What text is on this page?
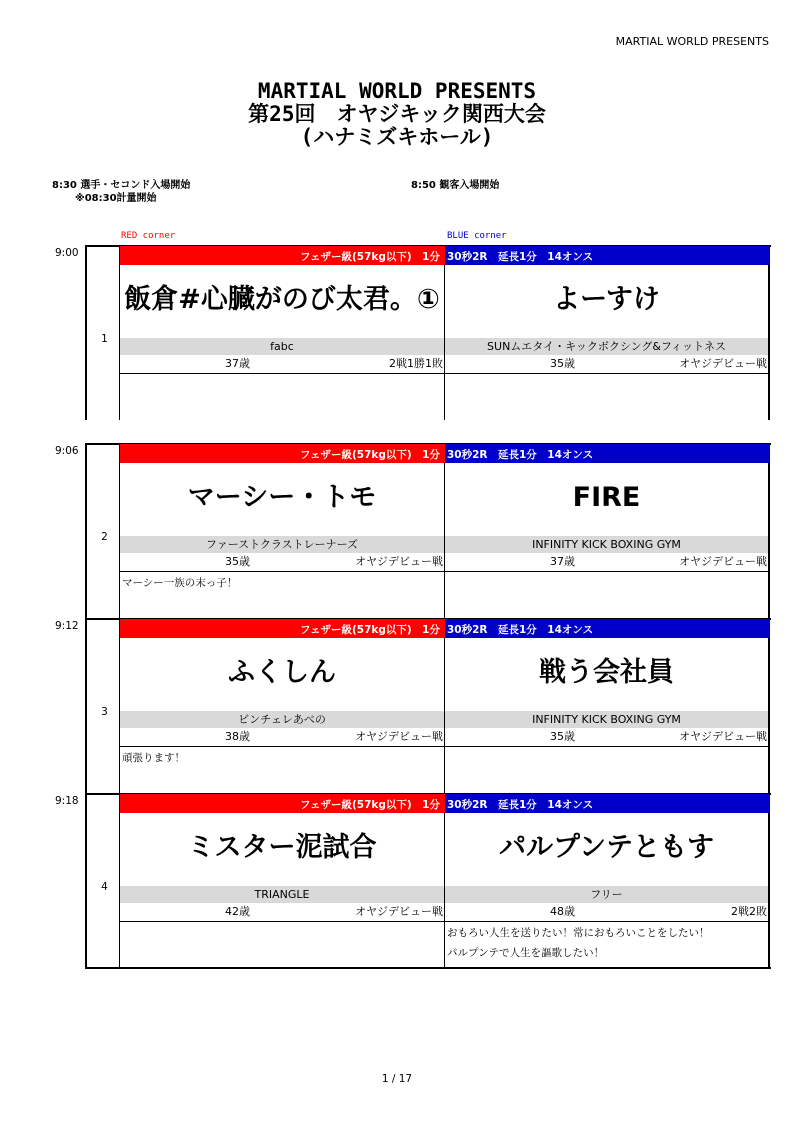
MARTIAL WORLD PRESENTS
MARTIAL WORLD PRESENTS
第25回　オヤジキック関西大会
(ハナミズキホール)
8:30 選手・セコンド入場開始
※08:30計量開始
8:50 観客入場開始
RED corner	BLUE corner
9:00
1
フェザー級(57kg以下)　1分 30秒2R　延長1分　14オンス
飯倉#心臓がのび太君。①
fabc
37歳	2戦1勝1敗
よーすけ
SUNムエタイ・キックボクシング&フィットネス
35歳	オヤジデビュー戦
9:06
2
フェザー級(57kg以下)　1分 30秒2R　延長1分　14オンス
マーシー・トモ
ファーストクラストレーナーズ
35歳	オヤジデビュー戦
マーシー一族の末っ子！
FIRE
INFINITY KICK BOXING GYM
37歳	オヤジデビュー戦
9:12
3
フェザー級(57kg以下)　1分 30秒2R　延長1分　14オンス
ふくしん
ビンチェレあべの
38歳	オヤジデビュー戦
頑張ります！
戦う会社員
INFINITY KICK BOXING GYM
35歳	オヤジデビュー戦
9:18
4
フェザー級(57kg以下)　1分 30秒2R　延長1分　14オンス
ミスター泥試合
TRIANGLE
42歳	オヤジデビュー戦
パルプンテともす
フリー
48歳	2戦2敗
おもろい人生を送りたい！常におもろいことをしたい！
パルプンテで人生を謳歌したい！
1 / 17
